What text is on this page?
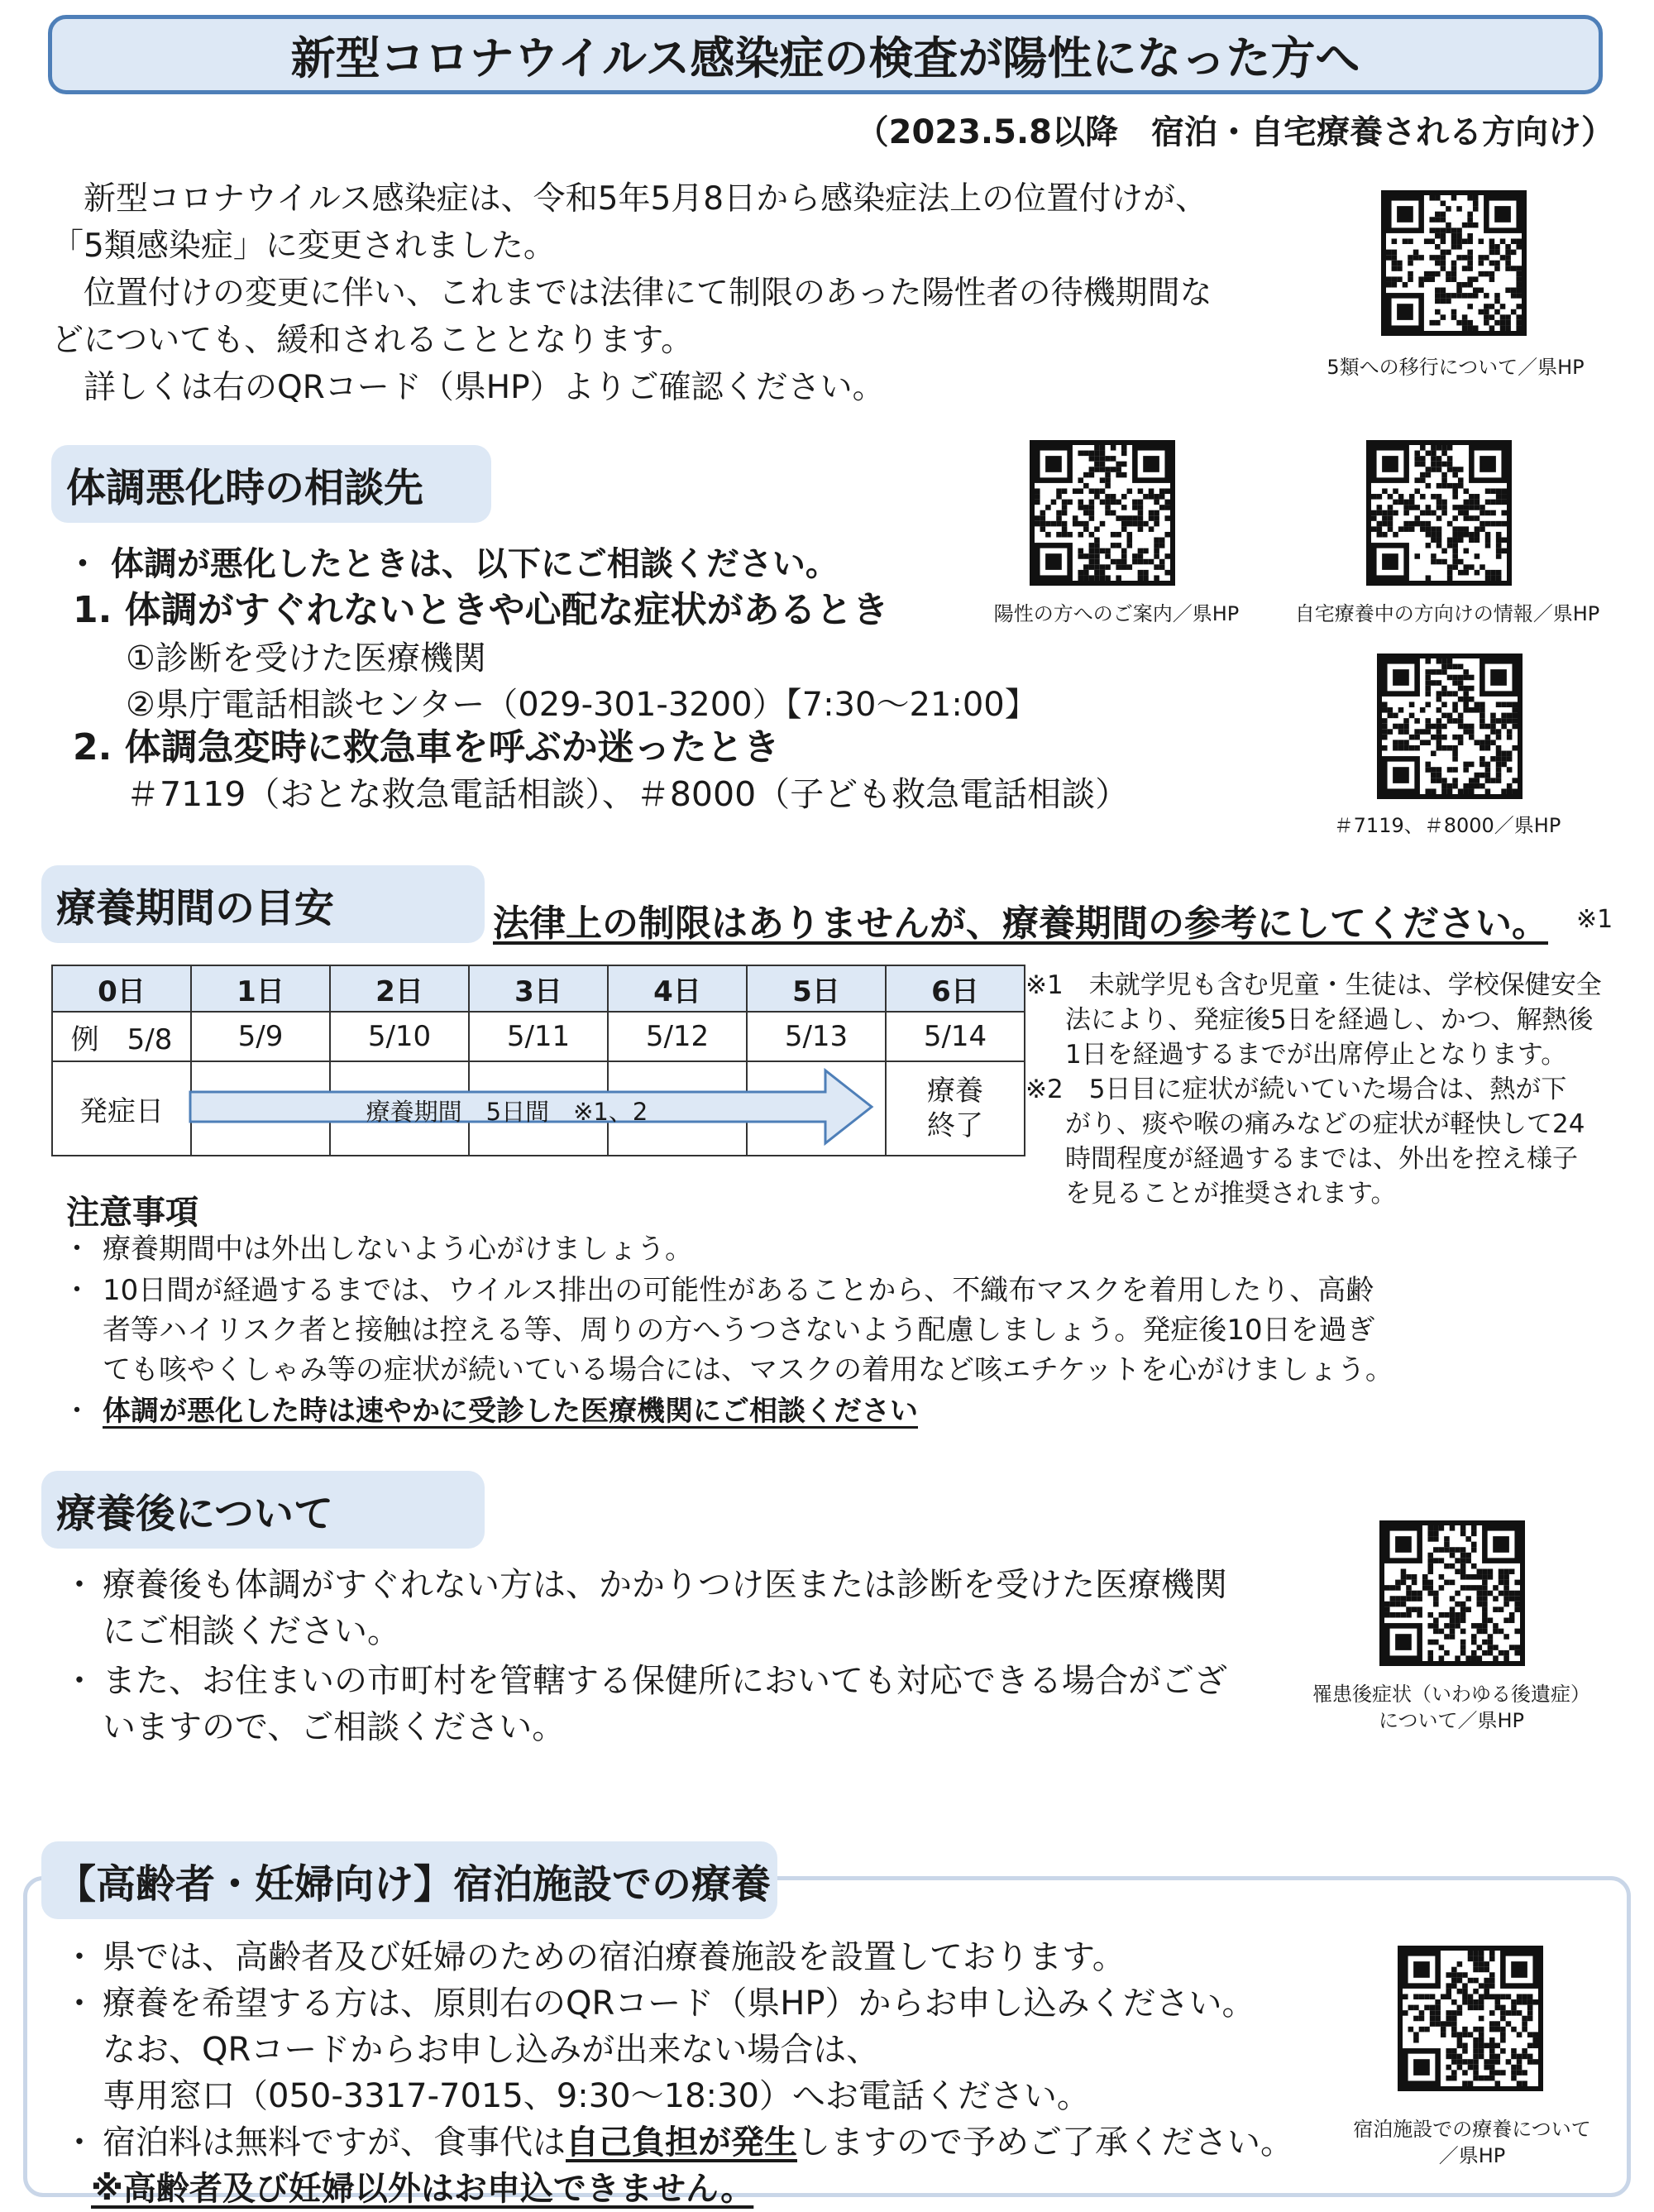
新型コロナウイルス感染症の検査が陽性になった方へ
（2023.5.8以降　宿泊・自宅療養される方向け）
　新型コロナウイルス感染症は、令和5年5月8日から感染症法上の位置付けが、
「5類感染症」に変更されました。
　位置付けの変更に伴い、これまでは法律にて制限のあった陽性者の待機期間な
どについても、緩和されることとなります。
　詳しくは右のQRコード（県HP）よりご確認ください。
5類への移行について／県HP
体調悪化時の相談先
・ 体調が悪化したときは、以下にご相談ください。
1. 体調がすぐれないときや心配な症状があるとき
①診断を受けた医療機関
②県庁電話相談センター（029-301-3200）【7:30～21:00】
2. 体調急変時に救急車を呼ぶか迷ったとき
＃7119（おとな救急電話相談）、＃8000（子ども救急電話相談）
陽性の方へのご案内／県HP	自宅療養中の方向けの情報／県HP
＃7119、＃8000／県HP
療養期間の目安	法律上の制限はありませんが、療養期間の参考にしてください。 ※1
0日	1日	2日	3日	4日	5日	6日
例　5/8	5/9	5/10	5/11	5/12	5/13	5/14
発症日						療養
終了
療養期間　5日間　※1、2
※1　未就学児も含む児童・生徒は、学校保健安全
法により、発症後5日を経過し、かつ、解熱後
1日を経過するまでが出席停止となります。
※2　5日目に症状が続いていた場合は、熱が下
がり、痰や喉の痛みなどの症状が軽快して24
時間程度が経過するまでは、外出を控え様子
を見ることが推奨されます。
注意事項
・ 療養期間中は外出しないよう心がけましょう。
・ 10日間が経過するまでは、ウイルス排出の可能性があることから、不織布マスクを着用したり、高齢
者等ハイリスク者と接触は控える等、周りの方へうつさないよう配慮しましょう。発症後10日を過ぎ
ても咳やくしゃみ等の症状が続いている場合には、マスクの着用など咳エチケットを心がけましょう。
・ 体調が悪化した時は速やかに受診した医療機関にご相談ください
療養後について
・ 療養後も体調がすぐれない方は、かかりつけ医または診断を受けた医療機関
にご相談ください。
・ また、お住まいの市町村を管轄する保健所においても対応できる場合がござ
いますので、ご相談ください。
罹患後症状（いわゆる後遺症）
について／県HP
【高齢者・妊婦向け】宿泊施設での療養
・ 県では、高齢者及び妊婦のための宿泊療養施設を設置しております。
・ 療養を希望する方は、原則右のQRコード（県HP）からお申し込みください。
なお、QRコードからお申し込みが出来ない場合は、
専用窓口（050-3317-7015、9:30～18:30）へお電話ください。
・ 宿泊料は無料ですが、食事代は自己負担が発生しますので予めご了承ください。
※高齢者及び妊婦以外はお申込できません。
宿泊施設での療養について
／県HP
